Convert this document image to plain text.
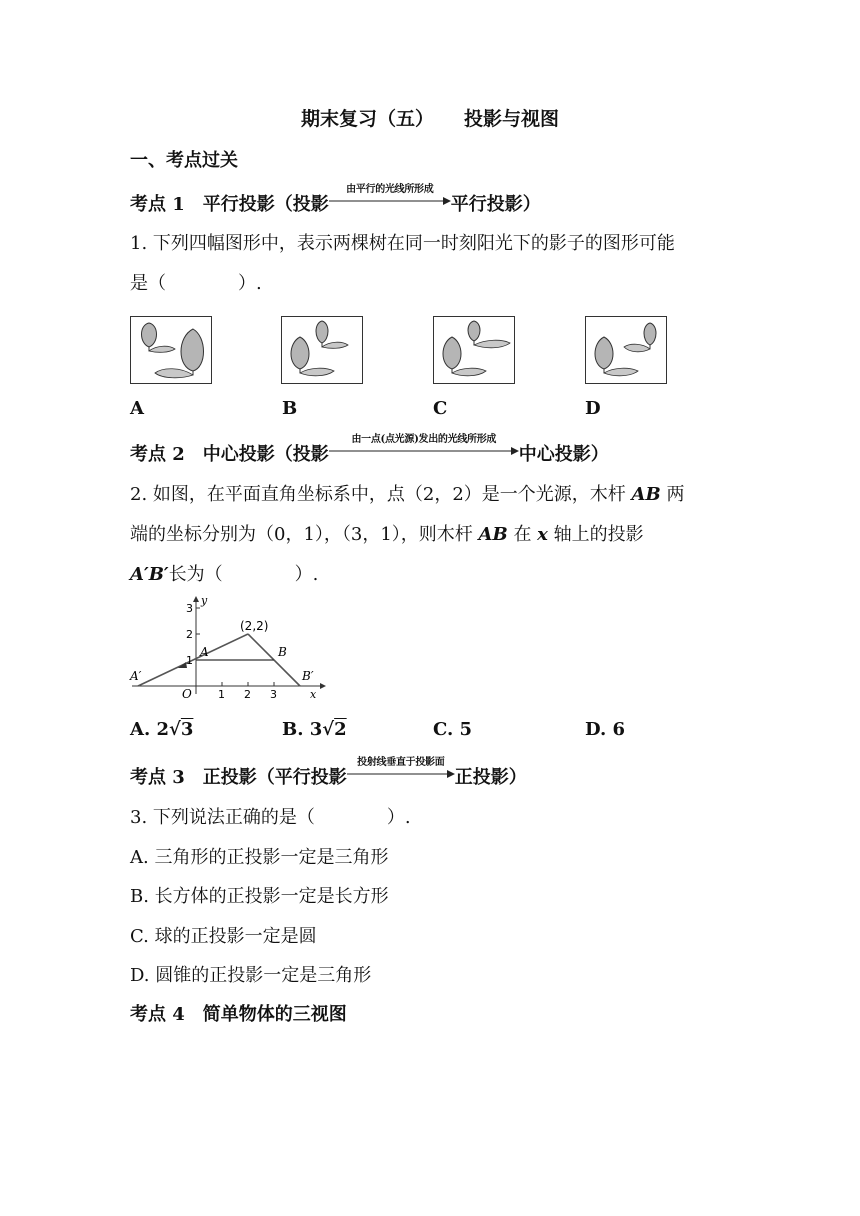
期末复习（五） 投影与视图
一、考点过关
考点 1　平行投影（投影
由平行的光线所形成
平行投影）
1. 下列四幅图形中，表示两棵树在同一时刻阳光下的影子的图形可能
是（　　　　）.
A	B	C	D
考点 2　中心投影（投影
由一点(点光源)发出的光线所形成
中心投影）
2. 如图，在平面直角坐标系中，点（2，2）是一个光源，木杆 AB 两
端的坐标分别为（0，1），（3，1），则木杆 AB 在 x 轴上的投影
A′B′长为（　　　　）.
(2,2)
A	B
A′	B′
O	x
y
1 2 3
1
2
3
A. 2√3	B. 3√2	C. 5	D. 6
考点 3　正投影（平行投影
投射线垂直于投影面
正投影）
3. 下列说法正确的是（　　　　）.
A. 三角形的正投影一定是三角形
B. 长方体的正投影一定是长方形
C. 球的正投影一定是圆
D. 圆锥的正投影一定是三角形
考点 4　简单物体的三视图
